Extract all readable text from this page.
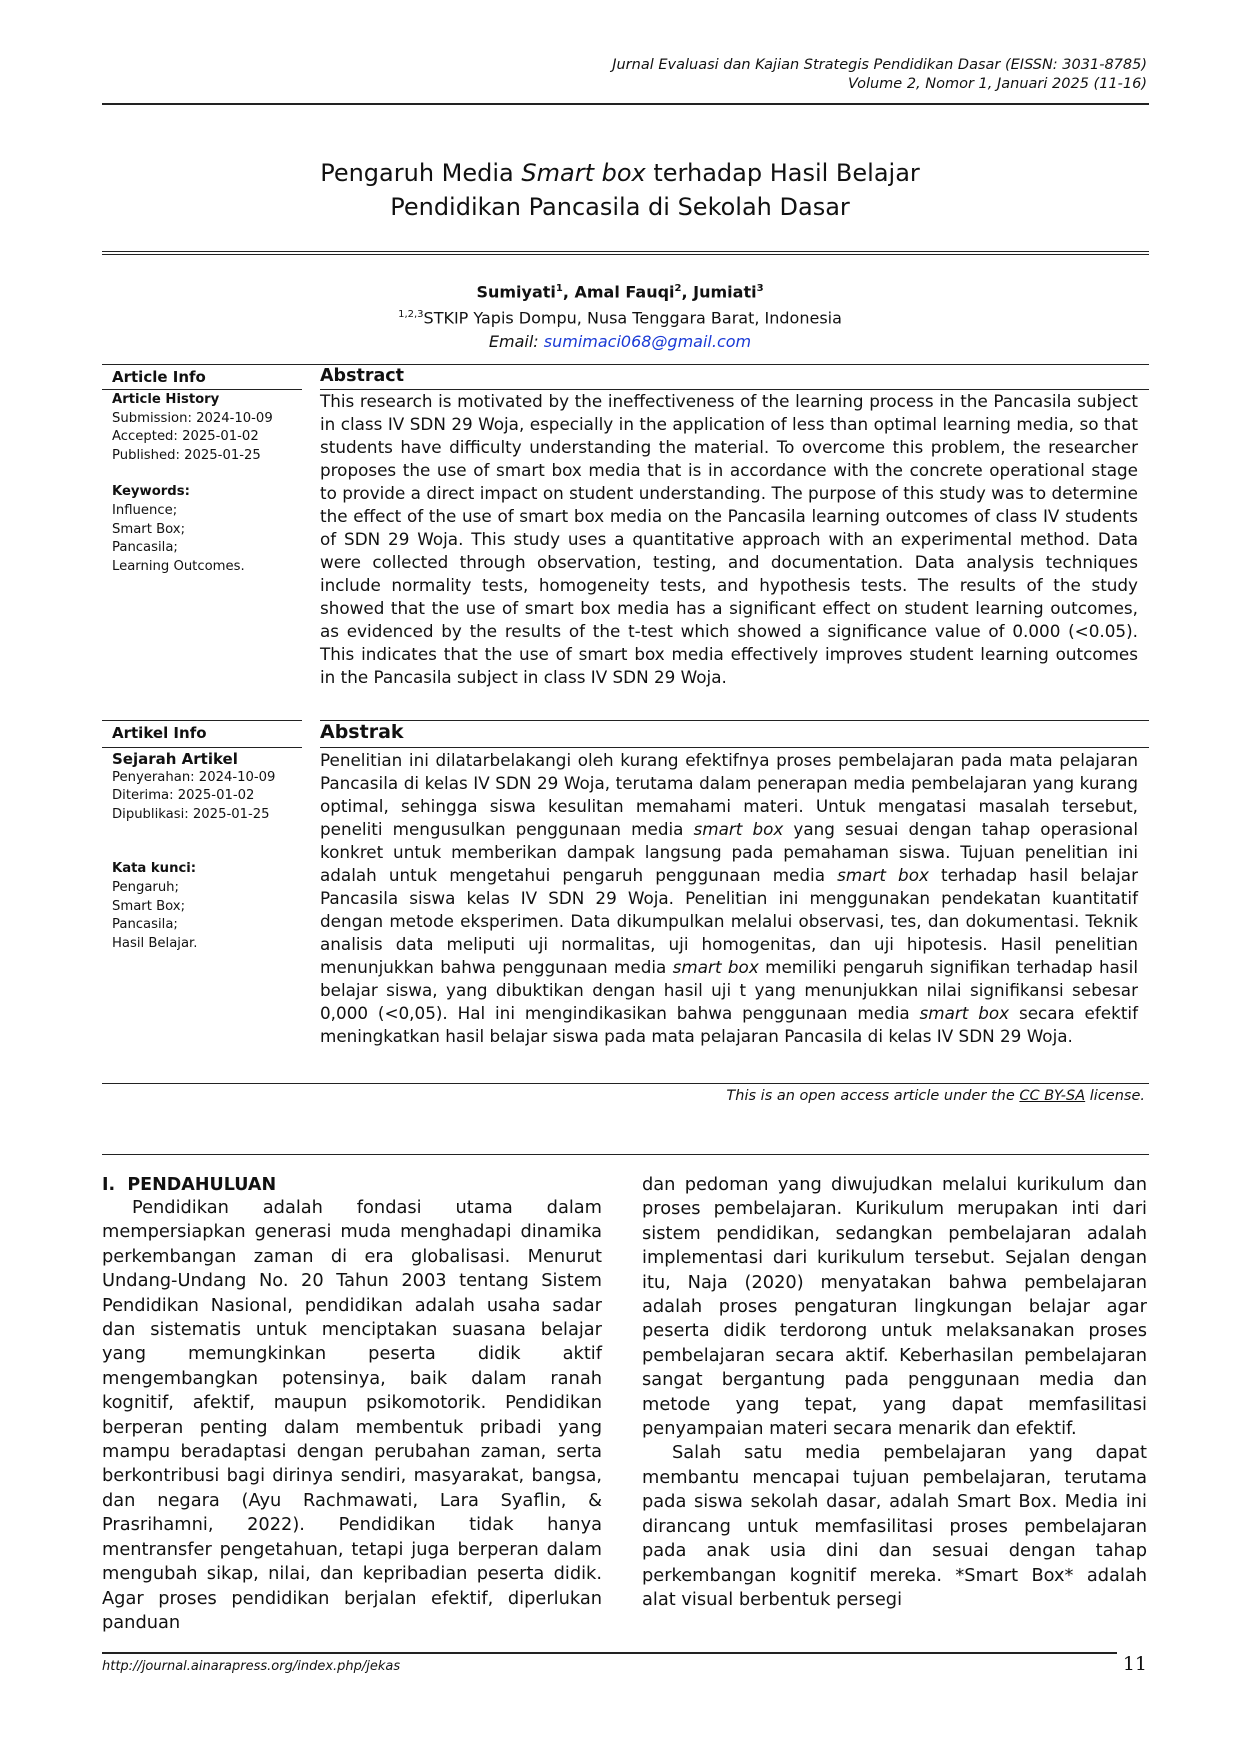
Jurnal Evaluasi dan Kajian Strategis Pendidikan Dasar (EISSN: 3031-8785)
Volume 2, Nomor 1, Januari 2025 (11-16)
Pengaruh Media Smart box terhadap Hasil Belajar
Pendidikan Pancasila di Sekolah Dasar
Sumiyati$^1$, Amal Fauqi$^2$, Jumiati$^3$
$^{1,2,3}$STKIP Yapis Dompu, Nusa Tenggara Barat, Indonesia
Email: sumimaci068@gmail.com
Article Info	Abstract
Article History
Submission: 2024-10-09
Accepted: 2025-01-02
Published: 2025-01-25
Keywords:
Influence;
Smart Box;
Pancasila;
Learning Outcomes.
This research is motivated by the ineffectiveness of the learning process in the Pancasila subject in class IV SDN 29 Woja, especially in the application of less than optimal learning media, so that students have difficulty understanding the material. To overcome this problem, the researcher proposes the use of smart box media that is in accordance with the concrete operational stage to provide a direct impact on student understanding. The purpose of this study was to determine the effect of the use of smart box media on the Pancasila learning outcomes of class IV students of SDN 29 Woja. This study uses a quantitative approach with an experimental method. Data were collected through observation, testing, and documentation. Data analysis techniques include normality tests, homogeneity tests, and hypothesis tests. The results of the study showed that the use of smart box media has a significant effect on student learning outcomes, as evidenced by the results of the t-test which showed a significance value of 0.000 (<0.05). This indicates that the use of smart box media effectively improves student learning outcomes in the Pancasila subject in class IV SDN 29 Woja.
Artikel Info	Abstrak
Sejarah Artikel
Penyerahan: 2024-10-09
Diterima: 2025-01-02
Dipublikasi: 2025-01-25
Kata kunci:
Pengaruh;
Smart Box;
Pancasila;
Hasil Belajar.
Penelitian ini dilatarbelakangi oleh kurang efektifnya proses pembelajaran pada mata pelajaran Pancasila di kelas IV SDN 29 Woja, terutama dalam penerapan media pembelajaran yang kurang optimal, sehingga siswa kesulitan memahami materi. Untuk mengatasi masalah tersebut, peneliti mengusulkan penggunaan media smart box yang sesuai dengan tahap operasional konkret untuk memberikan dampak langsung pada pemahaman siswa. Tujuan penelitian ini adalah untuk mengetahui pengaruh penggunaan media smart box terhadap hasil belajar Pancasila siswa kelas IV SDN 29 Woja. Penelitian ini menggunakan pendekatan kuantitatif dengan metode eksperimen. Data dikumpulkan melalui observasi, tes, dan dokumentasi. Teknik analisis data meliputi uji normalitas, uji homogenitas, dan uji hipotesis. Hasil penelitian menunjukkan bahwa penggunaan media smart box memiliki pengaruh signifikan terhadap hasil belajar siswa, yang dibuktikan dengan hasil uji t yang menunjukkan nilai signifikansi sebesar 0,000 (<0,05). Hal ini mengindikasikan bahwa penggunaan media smart box secara efektif meningkatkan hasil belajar siswa pada mata pelajaran Pancasila di kelas IV SDN 29 Woja.
This is an open access article under the CC BY-SA license.
I. PENDAHULUAN
Pendidikan adalah fondasi utama dalam mempersiapkan generasi muda menghadapi dinamika perkembangan zaman di era globalisasi. Menurut Undang-Undang No. 20 Tahun 2003 tentang Sistem Pendidikan Nasional, pendidikan adalah usaha sadar dan sistematis untuk menciptakan suasana belajar yang memungkinkan peserta didik aktif mengembangkan potensinya, baik dalam ranah kognitif, afektif, maupun psikomotorik. Pendidikan berperan penting dalam membentuk pribadi yang mampu beradaptasi dengan perubahan zaman, serta berkontribusi bagi dirinya sendiri, masyarakat, bangsa, dan negara (Ayu Rachmawati, Lara Syaflin, & Prasrihamni, 2022). Pendidikan tidak hanya mentransfer pengetahuan, tetapi juga berperan dalam mengubah sikap, nilai, dan kepribadian peserta didik. Agar proses pendidikan berjalan efektif, diperlukan panduan
dan pedoman yang diwujudkan melalui kurikulum dan proses pembelajaran. Kurikulum merupakan inti dari sistem pendidikan, sedangkan pembelajaran adalah implementasi dari kurikulum tersebut. Sejalan dengan itu, Naja (2020) menyatakan bahwa pembelajaran adalah proses pengaturan lingkungan belajar agar peserta didik terdorong untuk melaksanakan proses pembelajaran secara aktif. Keberhasilan pembelajaran sangat bergantung pada penggunaan media dan metode yang tepat, yang dapat memfasilitasi penyampaian materi secara menarik dan efektif.
Salah satu media pembelajaran yang dapat membantu mencapai tujuan pembelajaran, terutama pada siswa sekolah dasar, adalah Smart Box. Media ini dirancang untuk memfasilitasi proses pembelajaran pada anak usia dini dan sesuai dengan tahap perkembangan kognitif mereka. *Smart Box* adalah alat visual berbentuk persegi
http://journal.ainarapress.org/index.php/jekas	11
